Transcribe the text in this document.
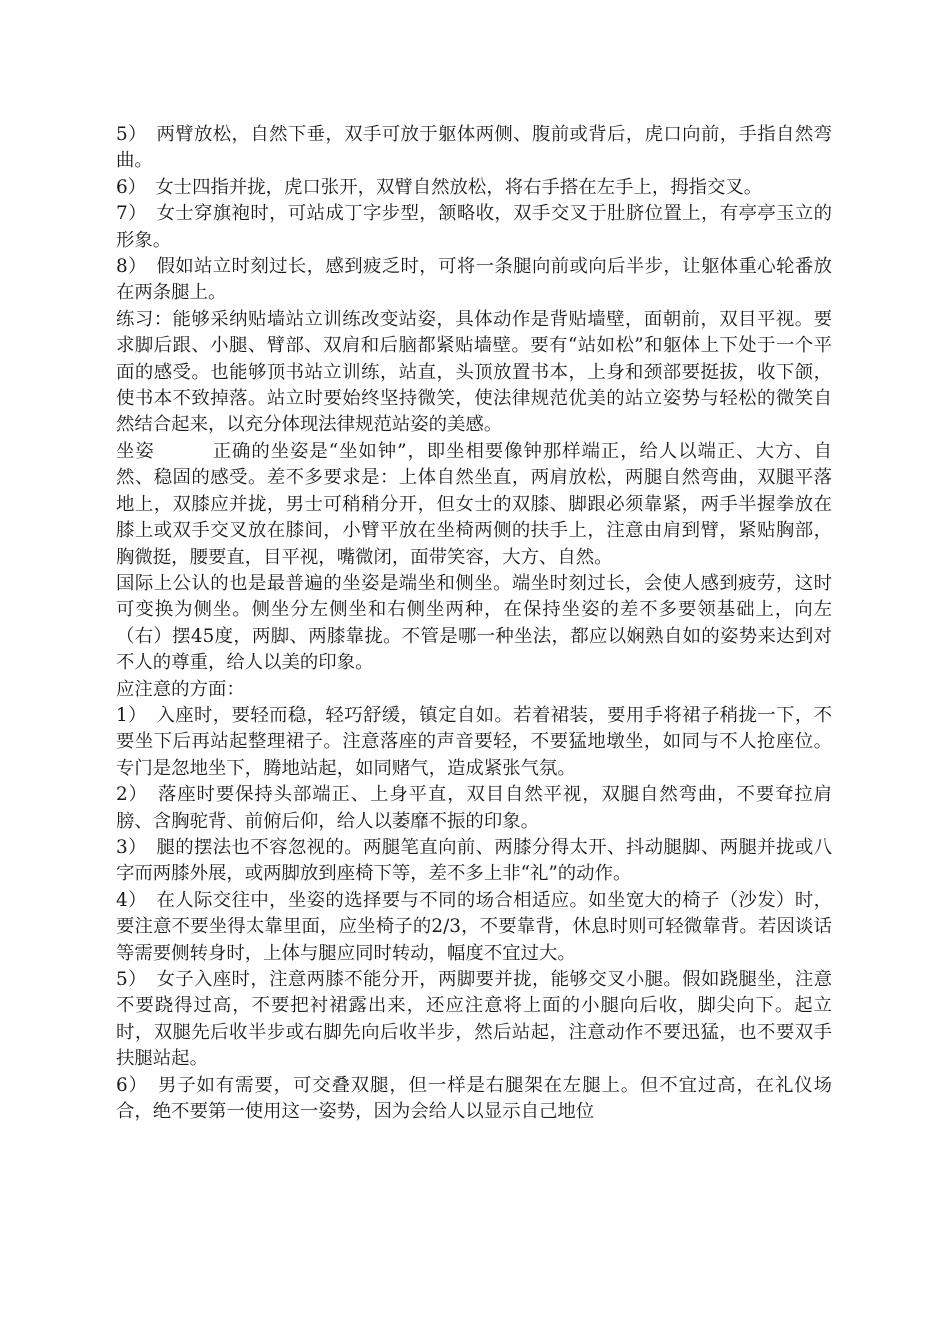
5）　两臂放松，自然下垂，双手可放于躯体两侧、腹前或背后，虎口向前，手指自然弯曲。

6）　女士四指并拢，虎口张开，双臂自然放松，将右手搭在左手上，拇指交叉。

7）　女士穿旗袍时，可站成丁字步型，颔略收，双手交叉于肚脐位置上，有亭亭玉立的形象。

8）　假如站立时刻过长，感到疲乏时，可将一条腿向前或向后半步，让躯体重心轮番放在两条腿上。

练习：能够采纳贴墙站立训练改变站姿，具体动作是背贴墙壁，面朝前，双目平视。要求脚后跟、小腿、臂部、双肩和后脑都紧贴墙壁。要有“站如松”和躯体上下处于一个平面的感受。也能够顶书站立训练，站直，头顶放置书本，上身和颈部要挺拔，收下颌，使书本不致掉落。站立时要始终坚持微笑，使法律规范优美的站立姿势与轻松的微笑自然结合起来，以充分体现法律规范站姿的美感。

坐姿　　　正确的坐姿是“坐如钟”，即坐相要像钟那样端正，给人以端正、大方、自然、稳固的感受。差不多要求是：上体自然坐直，两肩放松，两腿自然弯曲，双腿平落地上，双膝应并拢，男士可稍稍分开，但女士的双膝、脚跟必须靠紧，两手半握拳放在膝上或双手交叉放在膝间，小臂平放在坐椅两侧的扶手上，注意由肩到臂，紧贴胸部，胸微挺，腰要直，目平视，嘴微闭，面带笑容，大方、自然。

国际上公认的也是最普遍的坐姿是端坐和侧坐。端坐时刻过长，会使人感到疲劳，这时可变换为侧坐。侧坐分左侧坐和右侧坐两种，在保持坐姿的差不多要领基础上，向左（右）摆45度，两脚、两膝靠拢。不管是哪一种坐法，都应以娴熟自如的姿势来达到对不人的尊重，给人以美的印象。

应注意的方面：

1）　入座时，要轻而稳，轻巧舒缓，镇定自如。若着裙装，要用手将裙子稍拢一下，不要坐下后再站起整理裙子。注意落座的声音要轻，不要猛地墩坐，如同与不人抢座位。专门是忽地坐下，腾地站起，如同赌气，造成紧张气氛。

2）　落座时要保持头部端正、上身平直，双目自然平视，双腿自然弯曲，不要耷拉肩膀、含胸驼背、前俯后仰，给人以萎靡不振的印象。

3）　腿的摆法也不容忽视的。两腿笔直向前、两膝分得太开、抖动腿脚、两腿并拢或八字而两膝外展，或两脚放到座椅下等，差不多上非“礼”的动作。

4）　在人际交往中，坐姿的选择要与不同的场合相适应。如坐宽大的椅子（沙发）时，要注意不要坐得太靠里面，应坐椅子的2/3，不要靠背，休息时则可轻微靠背。若因谈话等需要侧转身时，上体与腿应同时转动，幅度不宜过大。

5）　女子入座时，注意两膝不能分开，两脚要并拢，能够交叉小腿。假如跷腿坐，注意不要跷得过高，不要把衬裙露出来，还应注意将上面的小腿向后收，脚尖向下。起立时，双腿先后收半步或右脚先向后收半步，然后站起，注意动作不要迅猛，也不要双手扶腿站起。

6）　男子如有需要，可交叠双腿，但一样是右腿架在左腿上。但不宜过高，在礼仪场合，绝不要第一使用这一姿势，因为会给人以显示自己地位
